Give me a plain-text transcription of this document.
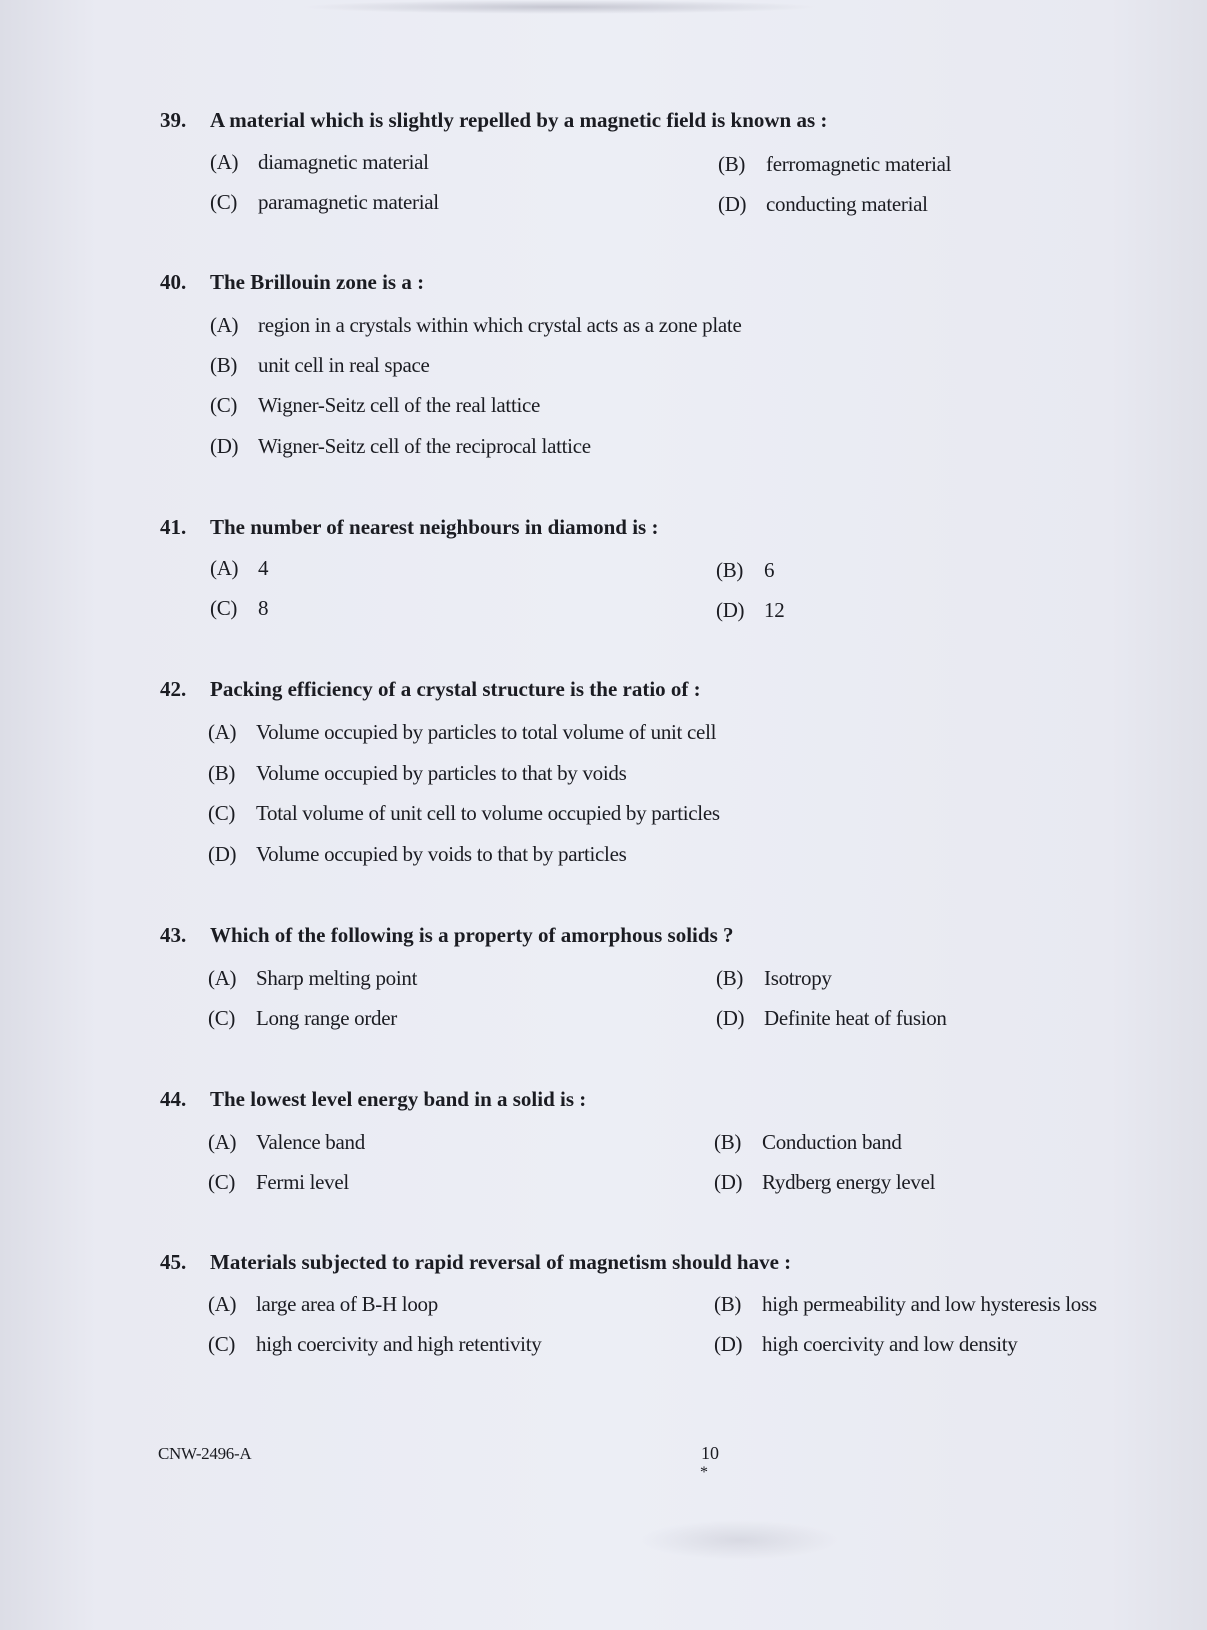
39. A material which is slightly repelled by a magnetic field is known as :
(A) diamagnetic material	(B) ferromagnetic material
(C) paramagnetic material	(D) conducting material
40. The Brillouin zone is a :
(A) region in a crystals within which crystal acts as a zone plate
(B) unit cell in real space
(C) Wigner-Seitz cell of the real lattice
(D) Wigner-Seitz cell of the reciprocal lattice
41. The number of nearest neighbours in diamond is :
(A) 4	(B) 6
(C) 8	(D) 12
42. Packing efficiency of a crystal structure is the ratio of :
(A) Volume occupied by particles to total volume of unit cell
(B) Volume occupied by particles to that by voids
(C) Total volume of unit cell to volume occupied by particles
(D) Volume occupied by voids to that by particles
43. Which of the following is a property of amorphous solids ?
(A) Sharp melting point	(B) Isotropy
(C) Long range order	(D) Definite heat of fusion
44. The lowest level energy band in a solid is :
(A) Valence band	(B) Conduction band
(C) Fermi level	(D) Rydberg energy level
45. Materials subjected to rapid reversal of magnetism should have :
(A) large area of B-H loop	(B) high permeability and low hysteresis loss
(C) high coercivity and high retentivity	(D) high coercivity and low density
CNW-2496-A	10
*
